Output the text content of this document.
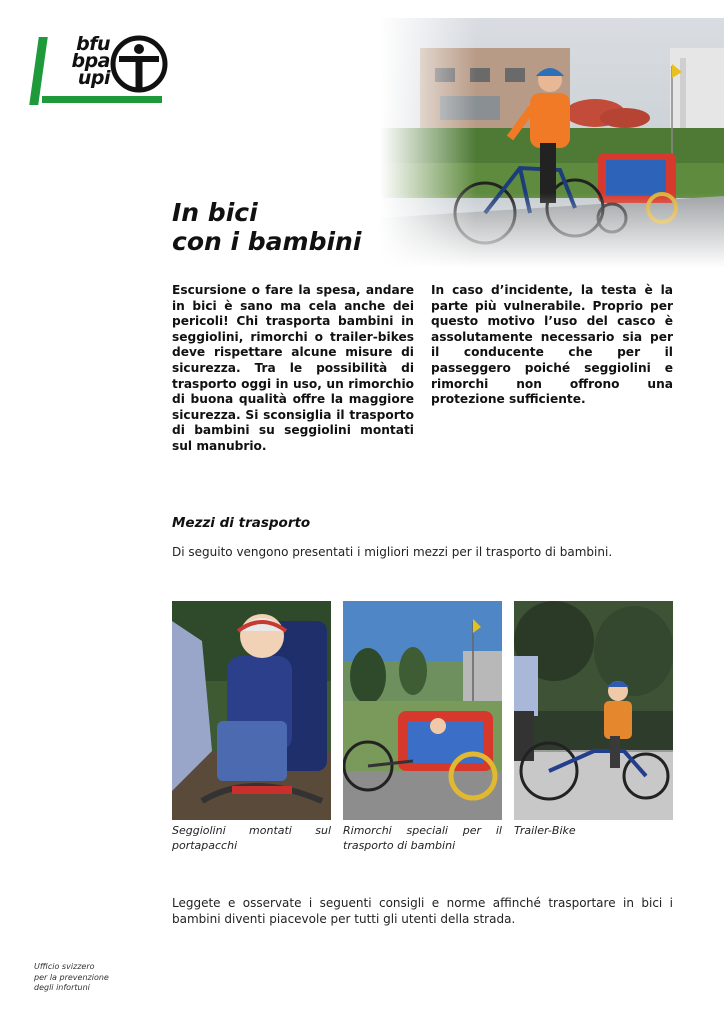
bfu
bpa
upi
In bici
con i bambini
Escursione o fare la spesa, andare in bici è sano ma cela anche dei pericoli! Chi trasporta bambini in seggiolini, rimorchi o trailer-bikes deve rispettare alcune misure di sicurezza. Tra le possibilità di trasporto oggi in uso, un rimorchio di buona qualità offre la maggiore sicurezza. Si sconsiglia il trasporto di bambini su seggiolini montati sul manubrio.
In caso d’incidente, la testa è la parte più vulnerabile. Proprio per questo motivo l’uso del casco è assolutamente necessario sia per il conducente che per il passeggero poiché seggiolini e rimorchi non offrono una protezione sufficiente.
Mezzi di trasporto
Di seguito vengono presentati i migliori mezzi per il trasporto di bambini.
Seggiolini montati sul portapacchi
Rimorchi speciali per il trasporto di bambini
Trailer-Bike
Leggete e osservate i seguenti consigli e norme affinché trasportare in bici i bambini diventi piacevole per tutti gli utenti della strada.
Ufficio svizzero
per la prevenzione
degli infortuni
